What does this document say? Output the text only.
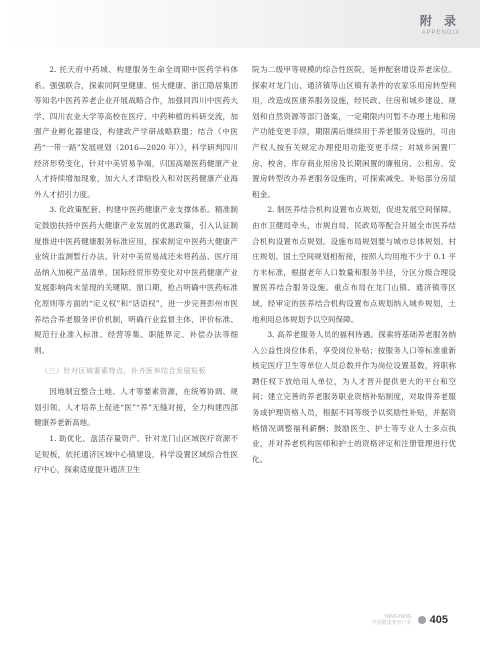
附 录
APPENDIX

2. 托天府中药城、构建服务生命全周期中医药学科体系。强强联合，探索同阿里健康、恒大健康、浙江隐居集团等知名中医药养老企业开展战略合作，加强同四川中医药大学、四川农业大学等高校在医疗、中药种植的科研交流，加强产业孵化器建设，构建政产学研战略联盟；结合《中医药“一带一路”发展规划（2016—2020 年）》，科学研判四川经济形势变化，针对中美贸易争端，归国高端医药健康产业人才持续增加现象，加大人才津贴投入和对医药健康产业海外人才招引力度。

3. 化政策配套、构建中医药健康产业支撑体系。精准制定鼓励扶持中医药大健康产业发展的优惠政策，引入认证制度推进中医药健康服务标准应用，探索制定中医药大健康产业统计监测暂行办法。针对中美贸易战还未将药品、医疗用品纳入加税产品清单，国际经贸形势变化对中医药健康产业发展影响尚未显现的关键期、窗口期，抢占明确中医药标准化原则等方面的“定义权”和“话语权”，进一步完善彭州市医养结合养老服务评价机制，明确行业监督主体、评价标准、规范行业准入标准、经营等集、职能界定、补偿办法等细则。

（三）针对区域要素特点，补齐医养结合发展短板

因地制宜整合土地、人才等要素资源，在统筹协调、规划引领、人才培养上促进“医”“养”无缝对接，全力构建西部健康养老新高地。

1. 助优化、盘活存量资产。针对龙门山区域医疗资源不足短板，依托通济区域中心镇建设，科学设置区域综合性医疗中心，探索适度提升通济卫生

院为二级甲等规模的综合性医院，延伸配套增设养老床位。探索对龙门山、通济镇等山区镇有条件的农家乐用房转型利用，改造成医康养服务设施，经民政、住房和城乡建设、规划和自然资源等部门备案，一定期限内可暂不办理土地和房产功能变更手续，期限满后继续用于养老服务设施的，可由产权人按有关规定办理使用功能变更手续；对城乡闲置厂房、校舍、库存商业用房及长期闲置的廉租房、公租房、安置房转型改办养老服务设施的，可探索减免、补贴部分房屋租金。

2. 制医养结合机构设置布点规划，促进发展空间保障。由市卫健局牵头，市规自局、民政局等配合开展全市医养结合机构设置布点规划。设施布局规划要与城市总体规划、村庄规划、国土空间规划相衔接，按照人均用地不少于 0.1 平方米标准，根据老年人口数量和服务半径，分区分级合理设置医养结合服务设施。重点布局在龙门山镇、通济镇等区域，经审定的医养结合机构设置布点规划纳入城乡规划，土地利用总体规划予以空间保障。

3. 高养老服务人员的福利待遇。探索将基础养老服务纳入公益性岗位体系，享受岗位补贴；按服务人口等标准重新核定医疗卫生等单位人员总数并作为岗位设置基数，将职称聘任权下放给用人单位，为人才晋升提供更大的平台和空间；建立完善的养老服务职业资格补贴制度，对取得养老服务或护理资格人员，根据不同等级予以奖励性补贴，并据资格情况调整福利薪酬；鼓励医生、护士等专业人士多点执业，并对养老机构医师和护士的资格评定和注册管理进行优化。

YANGYANG
中国健康养老产业 405
